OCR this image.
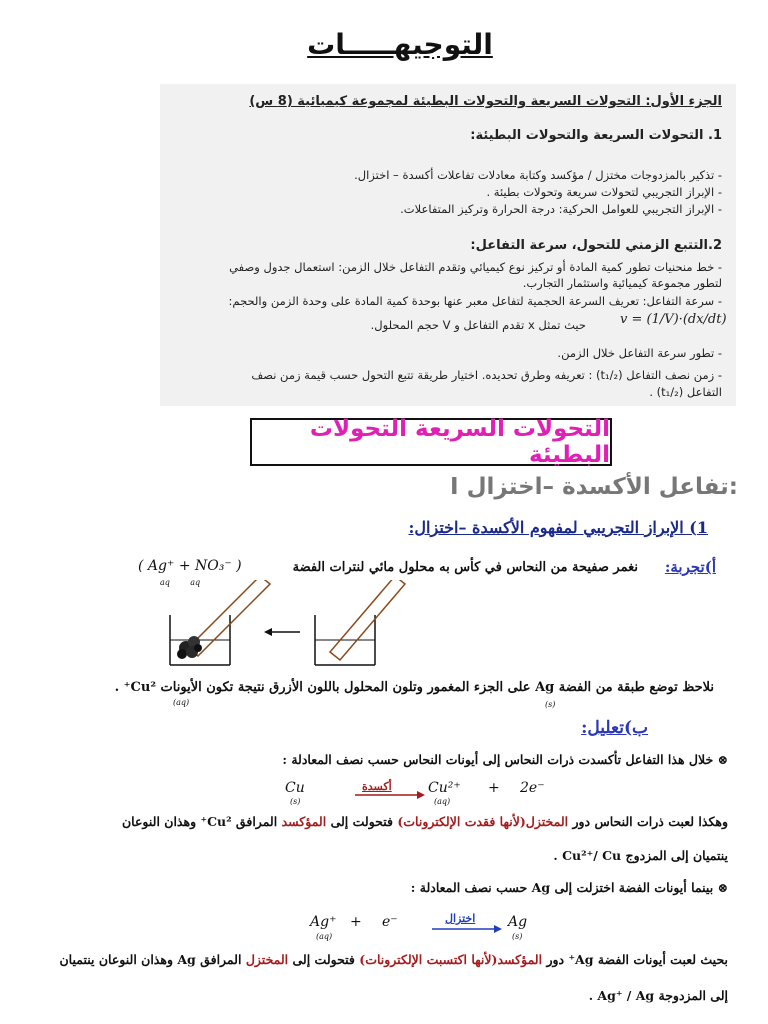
التوجيهـــــات
الجزء الأول: التحولات السريعة والتحولات البطيئة لمجموعة كيميائية (8 س)
1. التحولات السريعة والتحولات البطيئة:
- تذكير بالمزدوجات مختزل / مؤكسد وكتابة معادلات تفاعلات أكسدة – اختزال.
- الإبراز التجريبي لتحولات سريعة وتحولات بطيئة .
- الإبراز التجريبي للعوامل الحركية: درجة الحرارة وتركيز المتفاعلات.
2.التتبع الزمني للتحول، سرعة التفاعل:
- خط منحنيات تطور كمية المادة أو تركيز نوع كيميائي وتقدم التفاعل خلال الزمن: استعمال جدول وصفي
لتطور مجموعة كيميائية واستثمار التجارب.
- سرعة التفاعل: تعريف السرعة الحجمية لتفاعل معبر عنها بوحدة كمية المادة على وحدة الزمن والحجم:
حيث تمثل x تقدم التفاعل و V حجم المحلول.	v = (1/V)·(dx/dt)
- تطور سرعة التفاعل خلال الزمن.
- زمن نصف التفاعل (t₁/₂) : تعريفه وطرق تحديده. اختيار طريقة تتبع التحول حسب قيمة زمن نصف
التفاعل (t₁/₂) .
التحولات السريعة التحولات البطيئة
I تفاعل الأكسدة –اختزال:
1) الإبراز التجريبي لمفهوم الأكسدة –اختزال:
أ)تجربة:
نغمر صفيحة من النحاس في كأس به محلول مائي لنترات الفضة
( Ag⁺ + NO₃⁻ )
aq        aq
نلاحظ توضع طبقة من الفضة Ag على الجزء المغمور وتلون المحلول باللون الأزرق نتيجة تكون الأيونات Cu²⁺ .
(s)
(aq)
ب)تعليل:
⊗ خلال هذا التفاعل تأكسدت ذرات النحاس إلى أيونات النحاس حسب نصف المعادلة :
Cu
(s)
أكسدة	Cu²⁺
(aq)
+ 2e⁻
وهكذا لعبت ذرات النحاس دور المختزل(لأنها فقدت الإلكترونات) فتحولت إلى المؤكسد المرافق Cu²⁺ وهذان النوعان
ينتميان إلى المزدوج Cu²⁺/ Cu .
⊗ بينما أيونات الفضة اختزلت إلى Ag حسب نصف المعادلة :
Ag⁺
(aq)
+ e⁻	اختزال Ag
(s)
بحيث لعبت أيونات الفضة Ag⁺ دور المؤكسد(لأنها اكتسبت الإلكترونات) فتحولت إلى المختزل المرافق Ag وهذان النوعان ينتميان
إلى المزدوجة Ag⁺ / Ag .
